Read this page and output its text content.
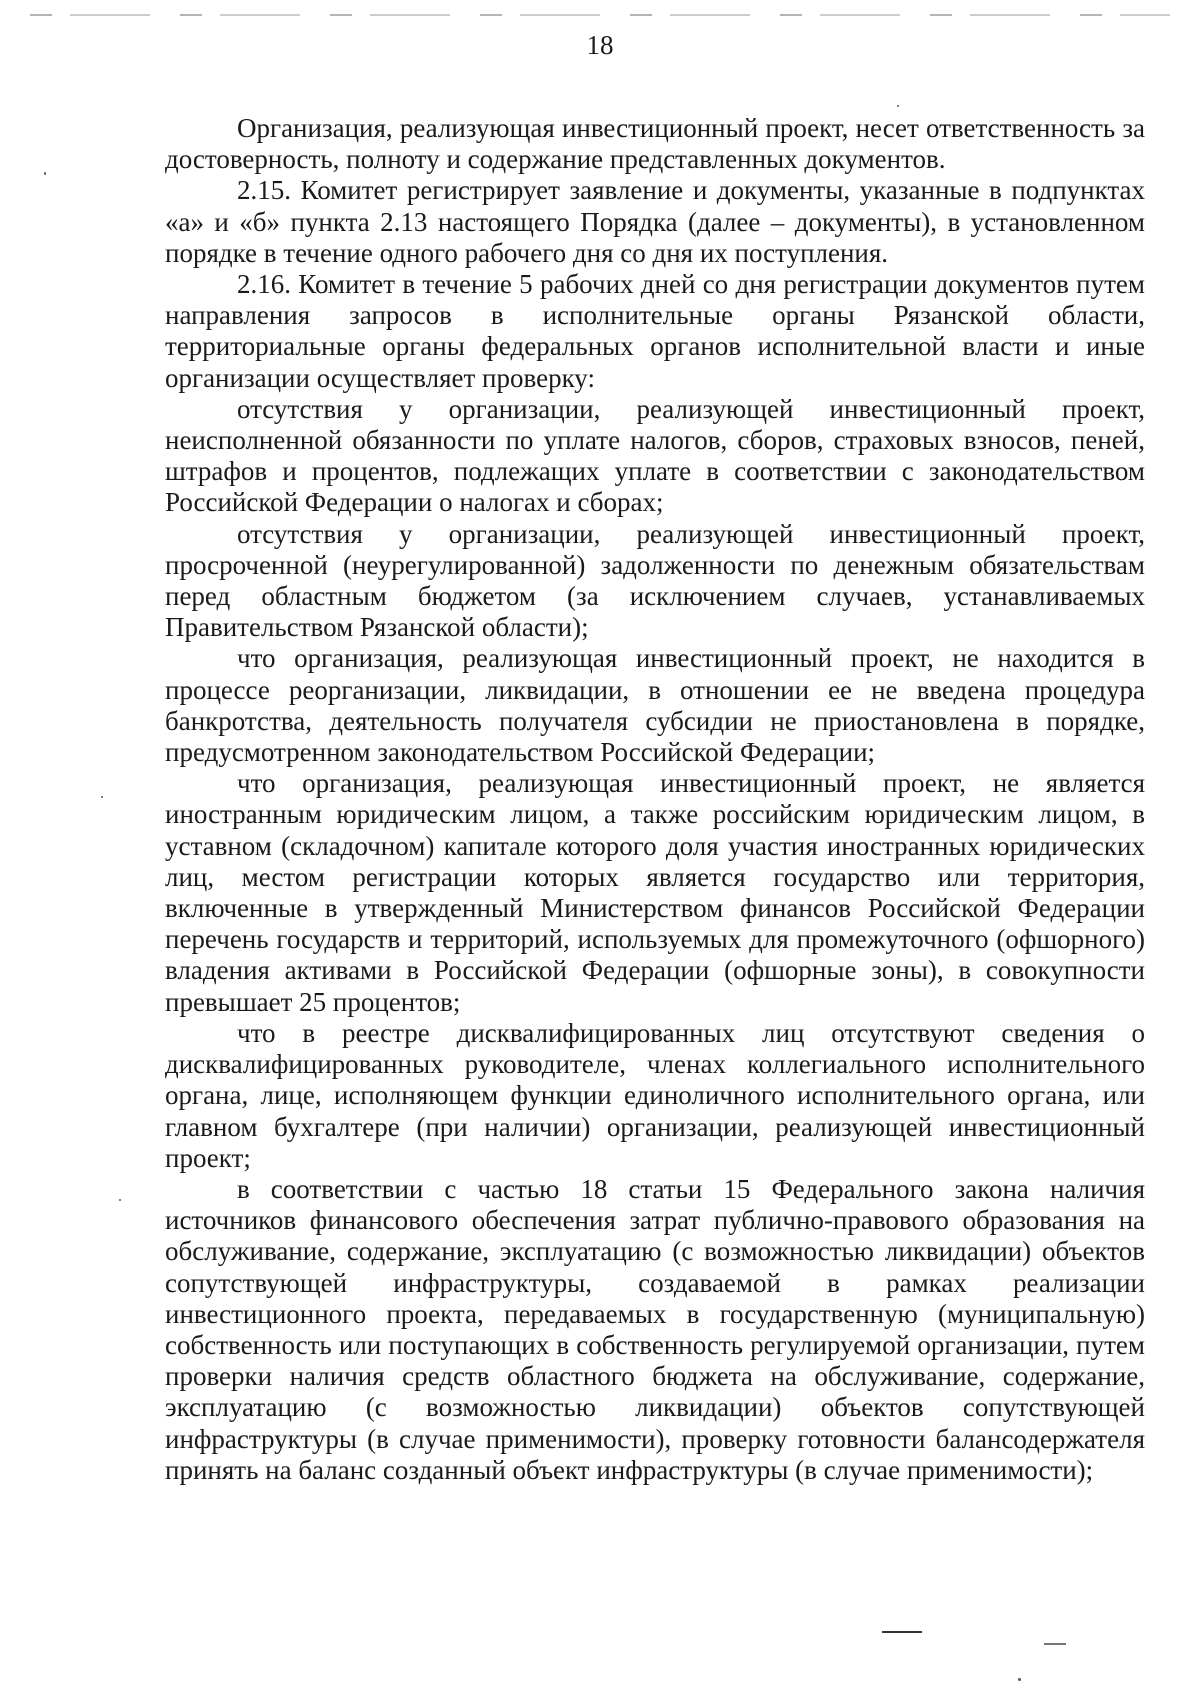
18

Организация, реализующая инвестиционный проект, несет ответственность за достоверность, полноту и содержание представленных документов.

2.15. Комитет регистрирует заявление и документы, указанные в подпунктах «а» и «б» пункта 2.13 настоящего Порядка (далее – документы), в установленном порядке в течение одного рабочего дня со дня их поступления.

2.16. Комитет в течение 5 рабочих дней со дня регистрации документов путем направления запросов в исполнительные органы Рязанской области, территориальные органы федеральных органов исполнительной власти и иные организации осуществляет проверку:

отсутствия у организации, реализующей инвестиционный проект, неисполненной обязанности по уплате налогов, сборов, страховых взносов, пеней, штрафов и процентов, подлежащих уплате в соответствии с законодательством Российской Федерации о налогах и сборах;

отсутствия у организации, реализующей инвестиционный проект, просроченной (неурегулированной) задолженности по денежным обязательствам перед областным бюджетом (за исключением случаев, устанавливаемых Правительством Рязанской области);

что организация, реализующая инвестиционный проект, не находится в процессе реорганизации, ликвидации, в отношении ее не введена процедура банкротства, деятельность получателя субсидии не приостановлена в порядке, предусмотренном законодательством Российской Федерации;

что организация, реализующая инвестиционный проект, не является иностранным юридическим лицом, а также российским юридическим лицом, в уставном (складочном) капитале которого доля участия иностранных юридических лиц, местом регистрации которых является государство или территория, включенные в утвержденный Министерством финансов Российской Федерации перечень государств и территорий, используемых для промежуточного (офшорного) владения активами в Российской Федерации (офшорные зоны), в совокупности превышает 25 процентов;

что в реестре дисквалифицированных лиц отсутствуют сведения о дисквалифицированных руководителе, членах коллегиального исполнительного органа, лице, исполняющем функции единоличного исполнительного органа, или главном бухгалтере (при наличии) организации, реализующей инвестиционный проект;

в соответствии с частью 18 статьи 15 Федерального закона наличия источников финансового обеспечения затрат публично-правового образования на обслуживание, содержание, эксплуатацию (с возможностью ликвидации) объектов сопутствующей инфраструктуры, создаваемой в рамках реализации инвестиционного проекта, передаваемых в государственную (муниципальную) собственность или поступающих в собственность регулируемой организации, путем проверки наличия средств областного бюджета на обслуживание, содержание, эксплуатацию (с возможностью ликвидации) объектов сопутствующей инфраструктуры (в случае применимости), проверку готовности балансодержателя принять на баланс созданный объект инфраструктуры (в случае применимости);
